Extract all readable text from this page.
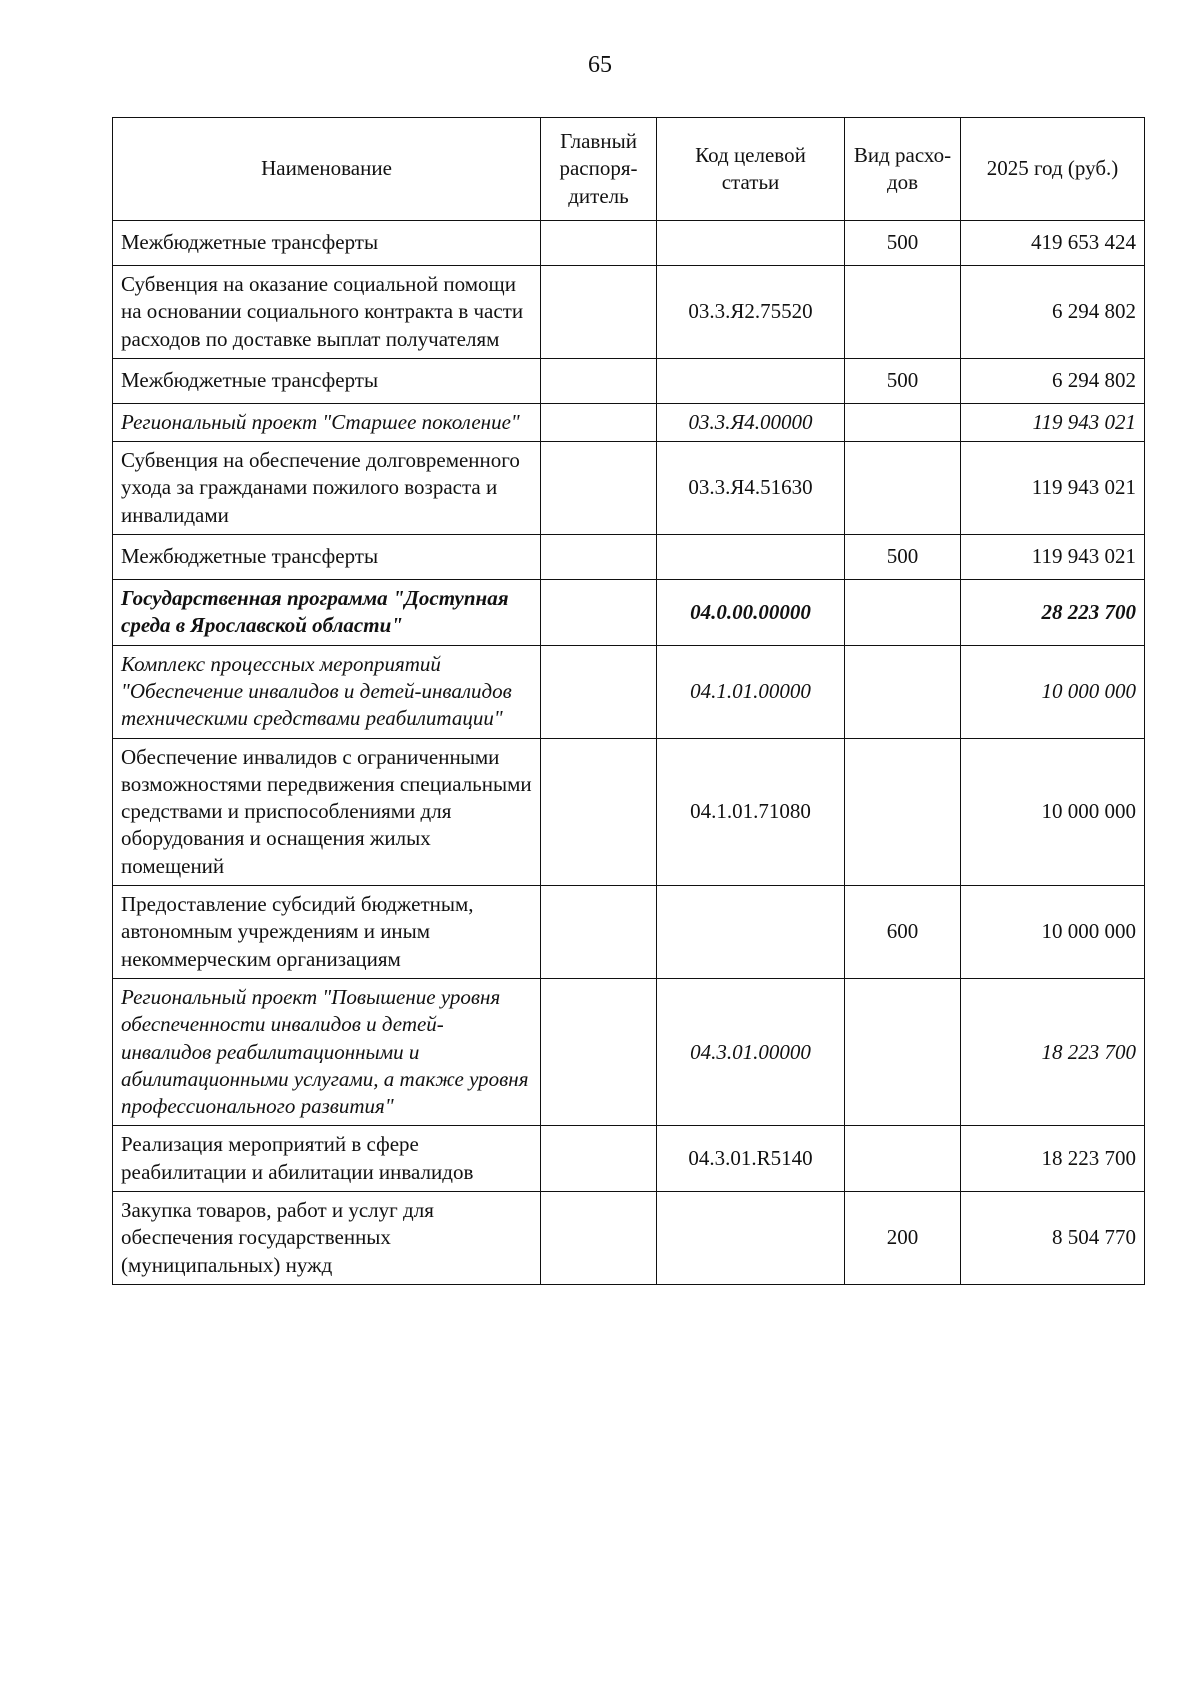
65
Наименование	Главный распоря-дитель	Код целевой статьи	Вид расхо-дов	2025 год (руб.)
Межбюджетные трансферты			500	419 653 424
Субвенция на оказание социальной помощи на основании социального контракта в части расходов по доставке выплат получателям		03.3.Я2.75520		6 294 802
Межбюджетные трансферты			500	6 294 802
Региональный проект "Старшее поколение"		03.3.Я4.00000		119 943 021
Субвенция на обеспечение долговременного ухода за гражданами пожилого возраста и инвалидами		03.3.Я4.51630		119 943 021
Межбюджетные трансферты			500	119 943 021
Государственная программа "Доступная среда в Ярославской области"		04.0.00.00000		28 223 700
Комплекс процессных мероприятий "Обеспечение инвалидов и детей-инвалидов техническими средствами реабилитации"		04.1.01.00000		10 000 000
Обеспечение инвалидов с ограниченными возможностями передвижения специальными средствами и приспособлениями для оборудования и оснащения жилых помещений		04.1.01.71080		10 000 000
Предоставление субсидий бюджетным, автономным учреждениям и иным некоммерческим организациям			600	10 000 000
Региональный проект "Повышение уровня обеспеченности инвалидов и детей-инвалидов реабилитационными и абилитационными услугами, а также уровня профессионального развития"		04.3.01.00000		18 223 700
Реализация мероприятий в сфере реабилитации и абилитации инвалидов		04.3.01.R5140		18 223 700
Закупка товаров, работ и услуг для обеспечения государственных (муниципальных) нужд			200	8 504 770
